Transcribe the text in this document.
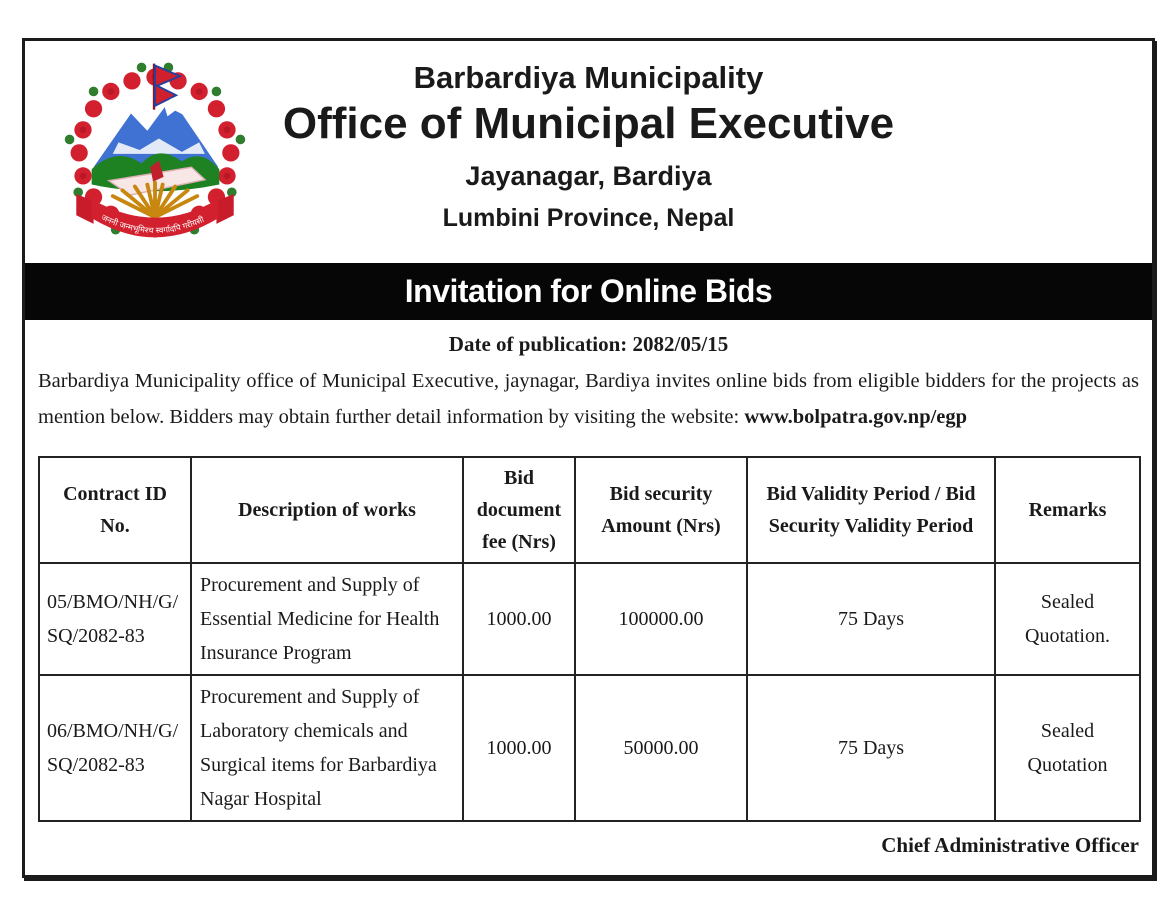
जननी जन्मभूमिश्च स्वर्गादपि गरीयसी
Barbardiya Municipality
Office of Municipal Executive
Jayanagar, Bardiya
Lumbini Province, Nepal
Invitation for Online Bids
Date of publication: 2082/05/15

Barbardiya Municipality office of Municipal Executive, jaynagar, Bardiya invites online bids from eligible bidders for the projects as mention below. Bidders may obtain further detail information by visiting the website: www.bolpatra.gov.np/egp

Contract ID No.	Description of works	Bid document fee (Nrs)	Bid security Amount (Nrs)	Bid Validity Period / Bid Security Validity Period	Remarks
05/BMO/NH/G/ SQ/2082-83	Procurement and Supply of Essential Medicine for Health Insurance Program	1000.00	100000.00	75 Days	Sealed Quotation.
06/BMO/NH/G/ SQ/2082-83	Procurement and Supply of Laboratory chemicals and Surgical items for Barbardiya Nagar Hospital	1000.00	50000.00	75 Days	Sealed Quotation
Chief Administrative Officer
